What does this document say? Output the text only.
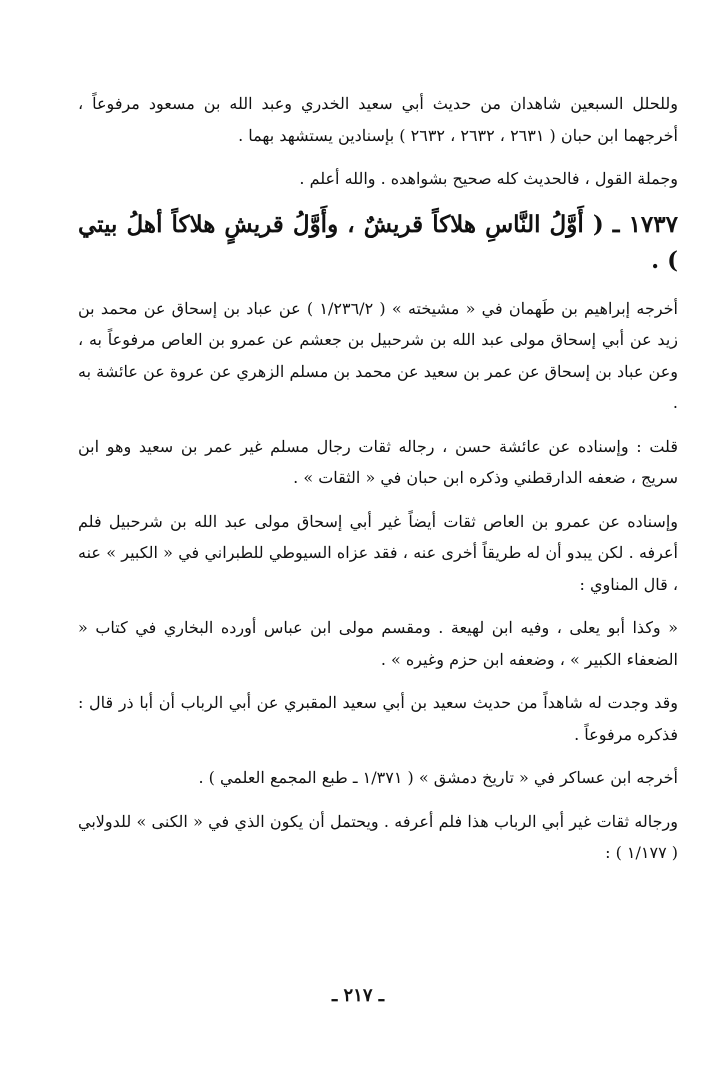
وللحلل السبعين شاهدان من حديث أبي سعيد الخدري وعبد الله بن مسعود مرفوعاً ، أخرجهما ابن حبان ( ٢٦٣١ ، ٢٦٣٢ ، ٢٦٣٢ ) بإسنادين يستشهد بهما .

وجملة القول ، فالحديث كله صحيح بشواهده . والله أعلم .

١٧٣٧ ـ ( أَوَّلُ النَّاسِ هلاكاً قريشٌ ، وأَوَّلُ قريشٍ هلاكاً أهلُ بيتي ) .

أخرجه إبراهيم بن طَهمان في « مشيخته » ( ١/٢٣٦/٢ ) عن عباد بن إسحاق عن محمد بن زيد عن أبي إسحاق مولى عبد الله بن شرحبيل بن جعشم عن عمرو بن العاص مرفوعاً به ، وعن عباد بن إسحاق عن عمر بن سعيد عن محمد بن مسلم الزهري عن عروة عن عائشة به .

قلت : وإسناده عن عائشة حسن ، رجاله ثقات رجال مسلم غير عمر بن سعيد وهو ابن سريج ، ضعفه الدارقطني وذكره ابن حبان في « الثقات » .

وإسناده عن عمرو بن العاص ثقات أيضاً غير أبي إسحاق مولى عبد الله بن شرحبيل فلم أعرفه . لكن يبدو أن له طريقاً أخرى عنه ، فقد عزاه السيوطي للطبراني في « الكبير » عنه ، قال المناوي :

« وكذا أبو يعلى ، وفيه ابن لهيعة . ومقسم مولى ابن عباس أورده البخاري في كتاب « الضعفاء الكبير » ، وضعفه ابن حزم وغيره » .

وقد وجدت له شاهداً من حديث سعيد بن أبي سعيد المقبري عن أبي الرباب أن أبا ذر قال : فذكره مرفوعاً .

أخرجه ابن عساكر في « تاريخ دمشق » ( ١/٣٧١ ـ طبع المجمع العلمي ) .

ورجاله ثقات غير أبي الرباب هذا فلم أعرفه . ويحتمل أن يكون الذي في « الكنى » للدولابي ( ١/١٧٧ ) :

ـ ٢١٧ ـ
